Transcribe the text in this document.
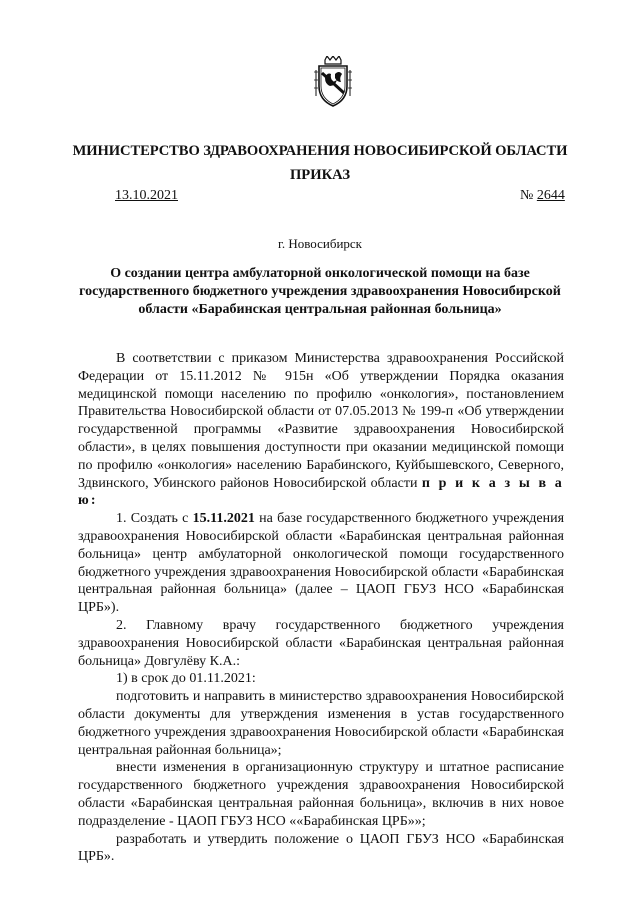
МИНИСТЕРСТВО ЗДРАВООХРАНЕНИЯ НОВОСИБИРСКОЙ ОБЛАСТИ
ПРИКАЗ
13.10.2021	№ 2644
г. Новосибирск
О создании центра амбулаторной онкологической помощи на базе государственного бюджетного учреждения здравоохранения Новосибирской области «Барабинская центральная районная больница»

В соответствии с приказом Министерства здравоохранения Российской Федерации от 15.11.2012 № 915н «Об утверждении Порядка оказания медицинской помощи населению по профилю «онкология», постановлением Правительства Новосибирской области от 07.05.2013 № 199-п «Об утверждении государственной программы «Развитие здравоохранения Новосибирской области», в целях повышения доступности при оказании медицинской помощи по профилю «онкология» населению Барабинского, Куйбышевского, Северного, Здвинского, Убинского районов Новосибирской области п р и к а з ы в а ю:

1. Создать с 15.11.2021 на базе государственного бюджетного учреждения здравоохранения Новосибирской области «Барабинская центральная районная больница» центр амбулаторной онкологической помощи государственного бюджетного учреждения здравоохранения Новосибирской области «Барабинская центральная районная больница» (далее – ЦАОП ГБУЗ НСО «Барабинская ЦРБ»).

2. Главному врачу государственного бюджетного учреждения здравоохранения Новосибирской области «Барабинская центральная районная больница» Довгулёву К.А.:

1) в срок до 01.11.2021:

подготовить и направить в министерство здравоохранения Новосибирской области документы для утверждения изменения в устав государственного бюджетного учреждения здравоохранения Новосибирской области «Барабинская центральная районная больница»;

внести изменения в организационную структуру и штатное расписание государственного бюджетного учреждения здравоохранения Новосибирской области «Барабинская центральная районная больница», включив в них новое подразделение - ЦАОП ГБУЗ НСО ««Барабинская ЦРБ»»;

разработать и утвердить положение о ЦАОП ГБУЗ НСО «Барабинская ЦРБ».
